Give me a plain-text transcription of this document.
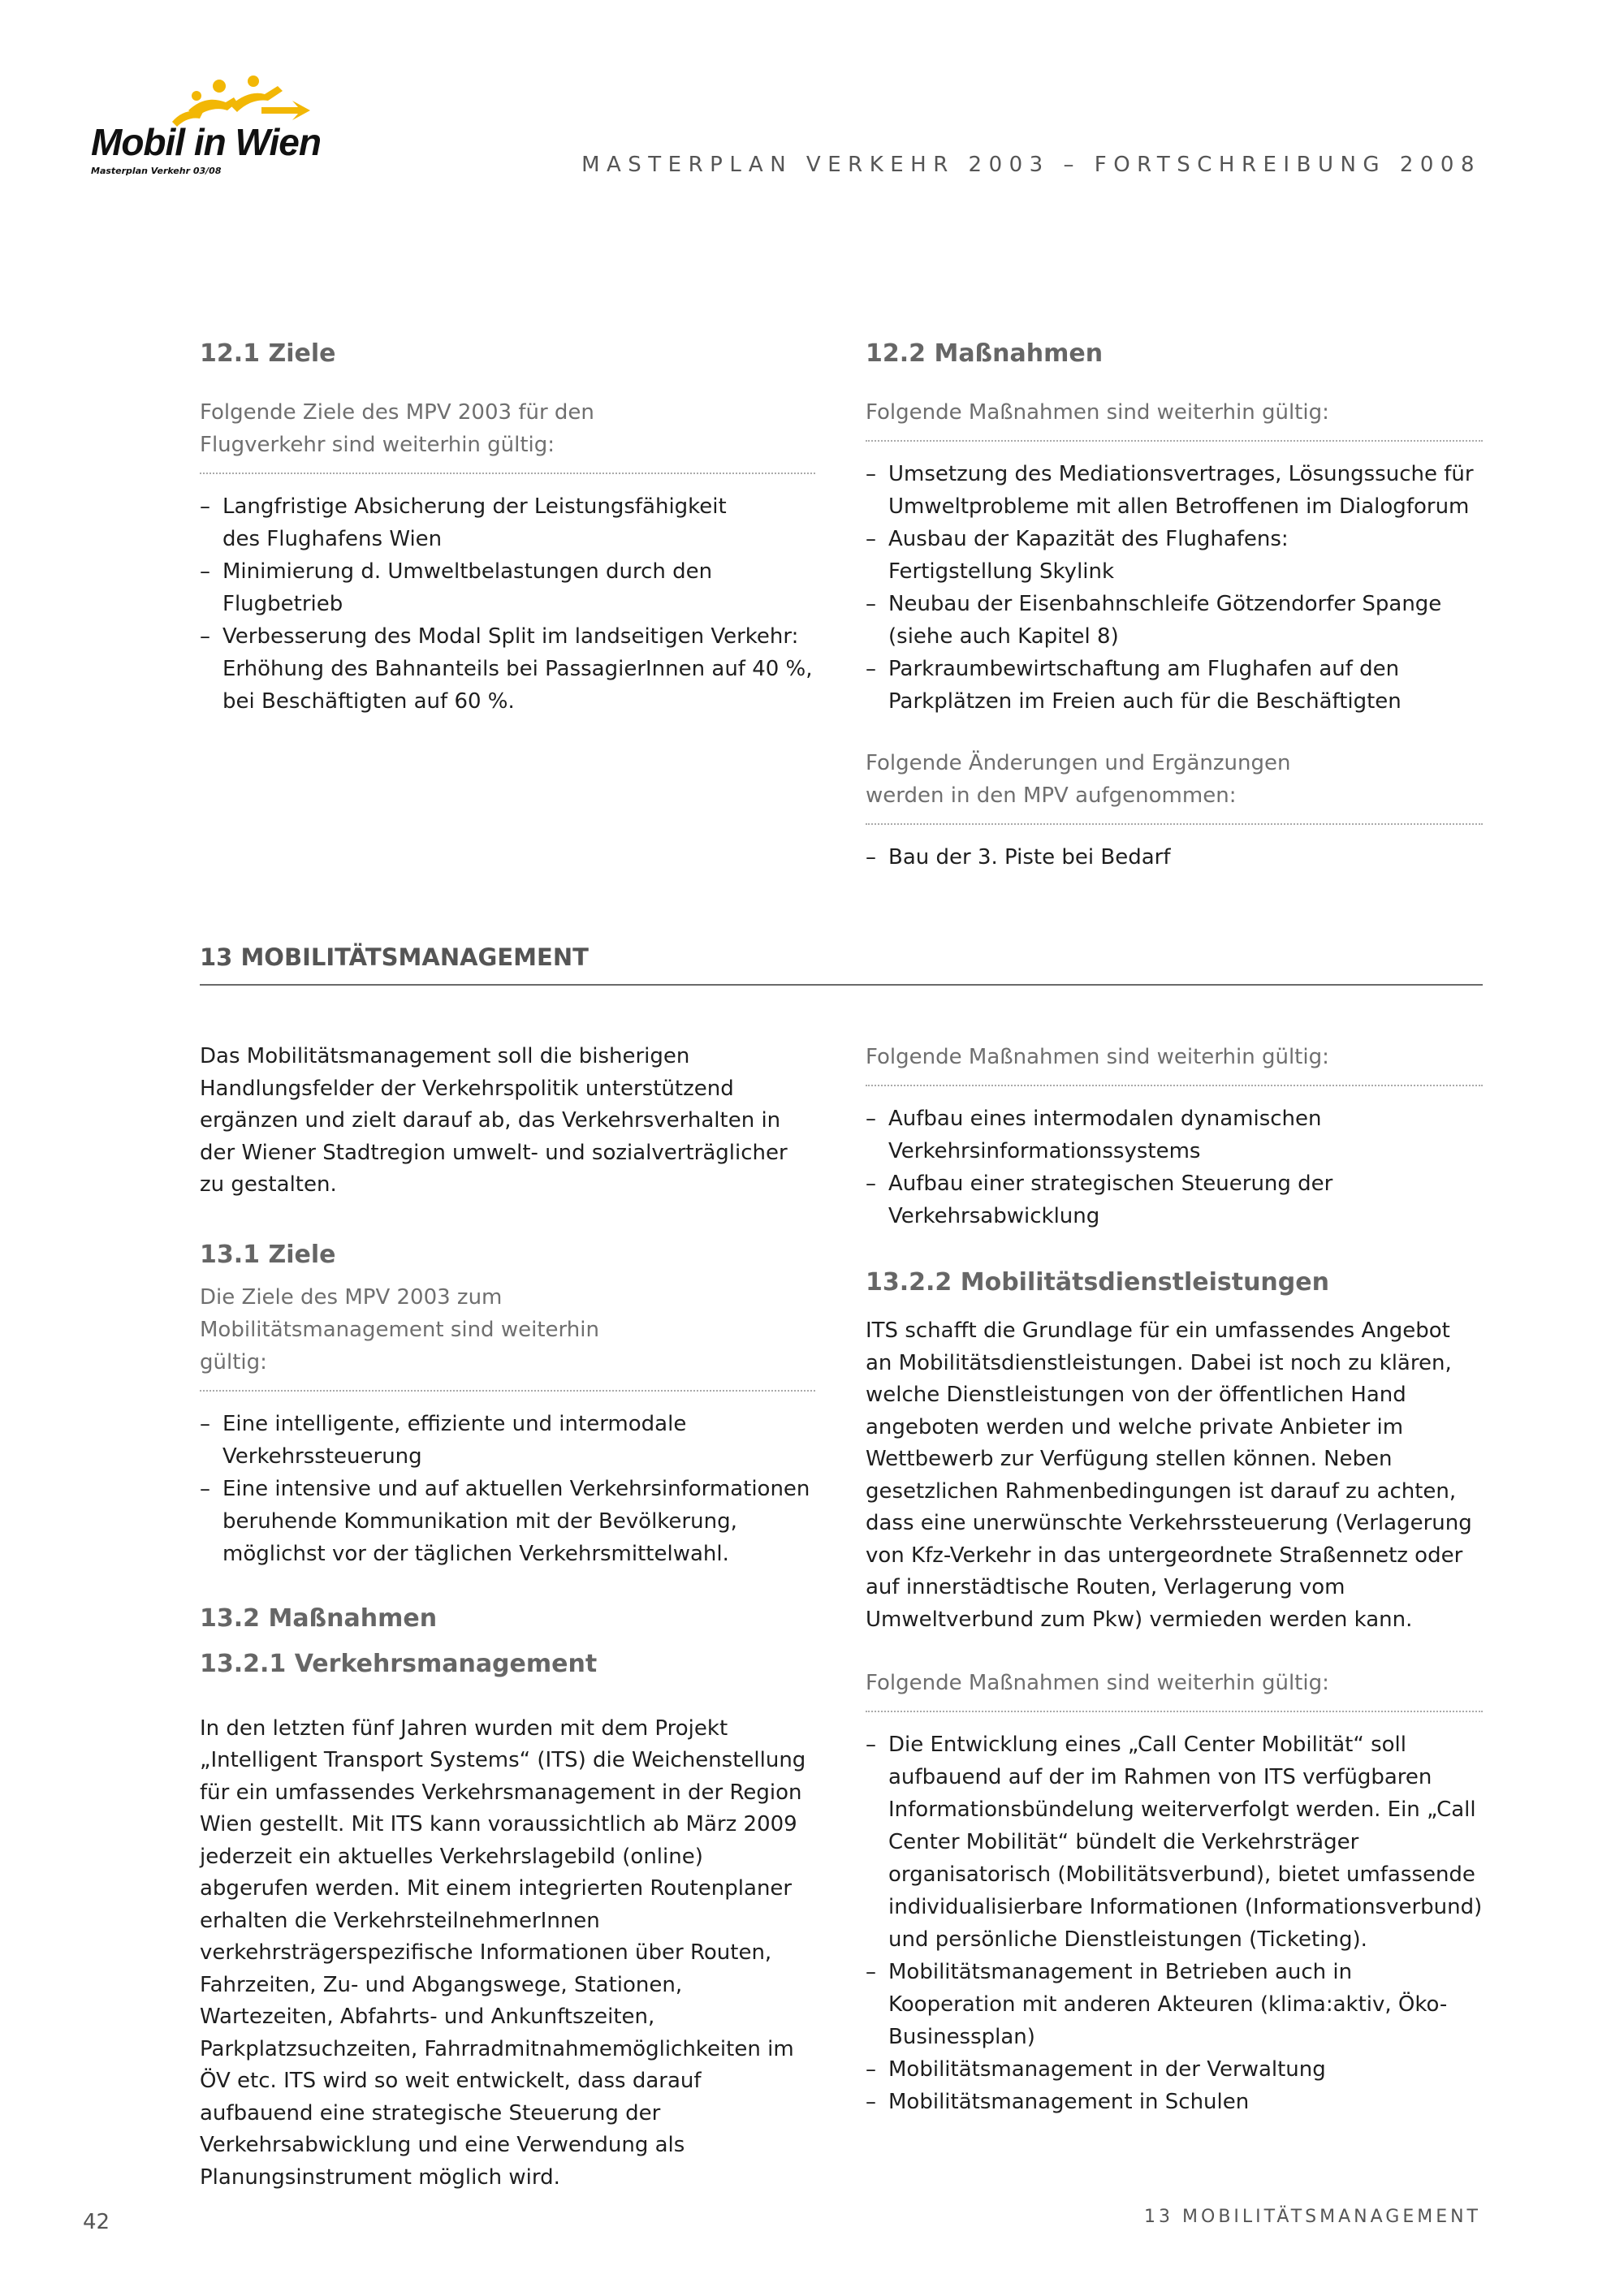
Mobil in Wien
Masterplan Verkehr 03/08	MASTERPLAN VERKEHR 2003 – FORTSCHREIBUNG 2008
12.1 Ziele

Folgende Ziele des MPV 2003 für den Flugverkehr sind weiterhin gültig:

– Langfristige Absicherung der Leistungsfähigkeit des Flughafens Wien
– Minimierung d. Umweltbelastungen durch den Flugbetrieb
– Verbesserung des Modal Split im landseitigen Verkehr: Erhöhung des Bahnanteils bei PassagierInnen auf 40 %, bei Beschäftigten auf 60 %.
12.2 Maßnahmen

Folgende Maßnahmen sind weiterhin gültig:

– Umsetzung des Mediationsvertrages, Lösungssuche für Umweltprobleme mit allen Betroffenen im Dialogforum
– Ausbau der Kapazität des Flughafens: Fertigstellung Skylink
– Neubau der Eisenbahnschleife Götzendorfer Spange (siehe auch Kapitel 8)
– Parkraumbewirtschaftung am Flughafen auf den Parkplätzen im Freien auch für die Beschäftigten

Folgende Änderungen und Ergänzungen werden in den MPV aufgenommen:

– Bau der 3. Piste bei Bedarf
13 MOBILITÄTSMANAGEMENT

Das Mobilitätsmanagement soll die bisherigen Handlungsfelder der Verkehrspolitik unterstützend ergänzen und zielt darauf ab, das Verkehrsverhalten in der Wiener Stadtregion umwelt- und sozialverträglicher zu gestalten.

13.1 Ziele

Die Ziele des MPV 2003 zum Mobilitätsmanagement sind weiterhin gültig:

– Eine intelligente, effiziente und intermodale Verkehrssteuerung
– Eine intensive und auf aktuellen Verkehrsinformationen beruhende Kommunikation mit der Bevölkerung, möglichst vor der täglichen Verkehrsmittelwahl.
13.2 Maßnahmen
13.2.1 Verkehrsmanagement

In den letzten fünf Jahren wurden mit dem Projekt „Intelligent Transport Systems“ (ITS) die Weichenstellung für ein umfassendes Verkehrsmanagement in der Region Wien gestellt. Mit ITS kann voraussichtlich ab März 2009 jederzeit ein aktuelles Verkehrslagebild (online) abgerufen werden. Mit einem integrierten Routenplaner erhalten die VerkehrsteilnehmerInnen verkehrsträgerspezifische Informationen über Routen, Fahrzeiten, Zu- und Abgangswege, Stationen, Wartezeiten, Abfahrts- und Ankunftszeiten, Parkplatzsuchzeiten, Fahrradmitnahmemöglichkeiten im ÖV etc. ITS wird so weit entwickelt, dass darauf aufbauend eine strategische Steuerung der Verkehrsabwicklung und eine Verwendung als Planungsinstrument möglich wird.

Folgende Maßnahmen sind weiterhin gültig:

– Aufbau eines intermodalen dynamischen Verkehrsinformationssystems
– Aufbau einer strategischen Steuerung der Verkehrsabwicklung
13.2.2 Mobilitätsdienstleistungen

ITS schafft die Grundlage für ein umfassendes Angebot an Mobilitätsdienstleistungen. Dabei ist noch zu klären, welche Dienstleistungen von der öffentlichen Hand angeboten werden und welche private Anbieter im Wettbewerb zur Verfügung stellen können. Neben gesetzlichen Rahmenbedingungen ist darauf zu achten, dass eine unerwünschte Verkehrssteuerung (Verlagerung von Kfz-Verkehr in das untergeordnete Straßennetz oder auf innerstädtische Routen, Verlagerung vom Umweltverbund zum Pkw) vermieden werden kann.

Folgende Maßnahmen sind weiterhin gültig:

– Die Entwicklung eines „Call Center Mobilität“ soll aufbauend auf der im Rahmen von ITS verfügbaren Informationsbündelung weiterverfolgt werden. Ein „Call Center Mobilität“ bündelt die Verkehrsträger organisatorisch (Mobilitätsverbund), bietet umfassende individualisierbare Informationen (Informationsverbund) und persönliche Dienstleistungen (Ticketing).
– Mobilitätsmanagement in Betrieben auch in Kooperation mit anderen Akteuren (klima:aktiv, Öko-Businessplan)
– Mobilitätsmanagement in der Verwaltung
– Mobilitätsmanagement in Schulen
42	13 MOBILITÄTSMANAGEMENT
